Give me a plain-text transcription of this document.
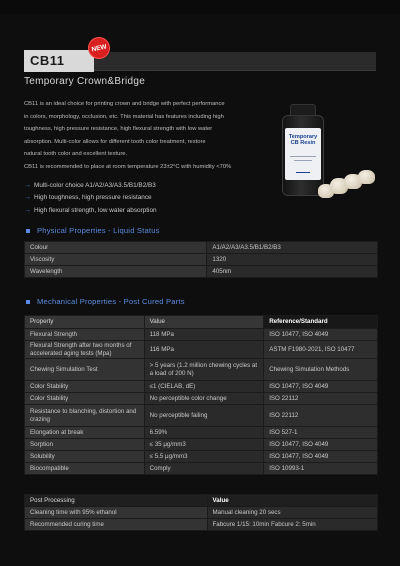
CB11
NEW
Temporary Crown&Bridge

CB11 is an ideal choice for printing crown and bridge with perfect performance

in colors, morphology, occlusion, etc. This material has features including high

toughness, high pressure resistance, high flexural strength with low water

absorption. Multi-color allows for different tooth color treatment, restore

natural tooth color and excellent texture.

CB11 is recommended to place at room temperature 23±2°C with humidity <70%

Temporary
CB Resin
→ Multi-color choice A1/A2/A3/A3.5/B1/B2/B3
→ High toughness, high pressure resistance
→ High flexural strength, low water absorption
Physical Properties - Liquid Status
Colour	A1/A2/A3/A3.5/B1/B2/B3
Viscosity	1320
Wavelength	405nm
Mechanical Properties - Post Cured Parts
Property	Value	Reference/Standard
Flexural Strength	118 MPa	ISO 10477, ISO 4049
Flexural Strength after two months of accelerated aging tests (Mpa)	116 MPa	ASTM F1980-2021, ISO 10477
Chewing Simulation Test	> 5 years (1.2 million chewing cycles at a load of 200 N)	Chewing Simulation Methods
Color Stability	≤1 (CIELAB, dE)	ISO 10477, ISO 4049
Color Stability	No perceptible color change	ISO 22112
Resistance to blanching, distortion and crazing	No perceptible failing	ISO 22112
Elongation at break	6.59%	ISO 527-1
Sorption	≤ 35 μg/mm3	ISO 10477, ISO 4049
Solubility	≤ 5.5 μg/mm3	ISO 10477, ISO 4049
Biocompatible	Comply	ISO 10993-1
Post Processing	Value
Cleaning time with 95% ethanol	Manual cleaning 20 secs
Recommended curing time	Fabcure 1/15: 10min Fabcure 2: 5min
